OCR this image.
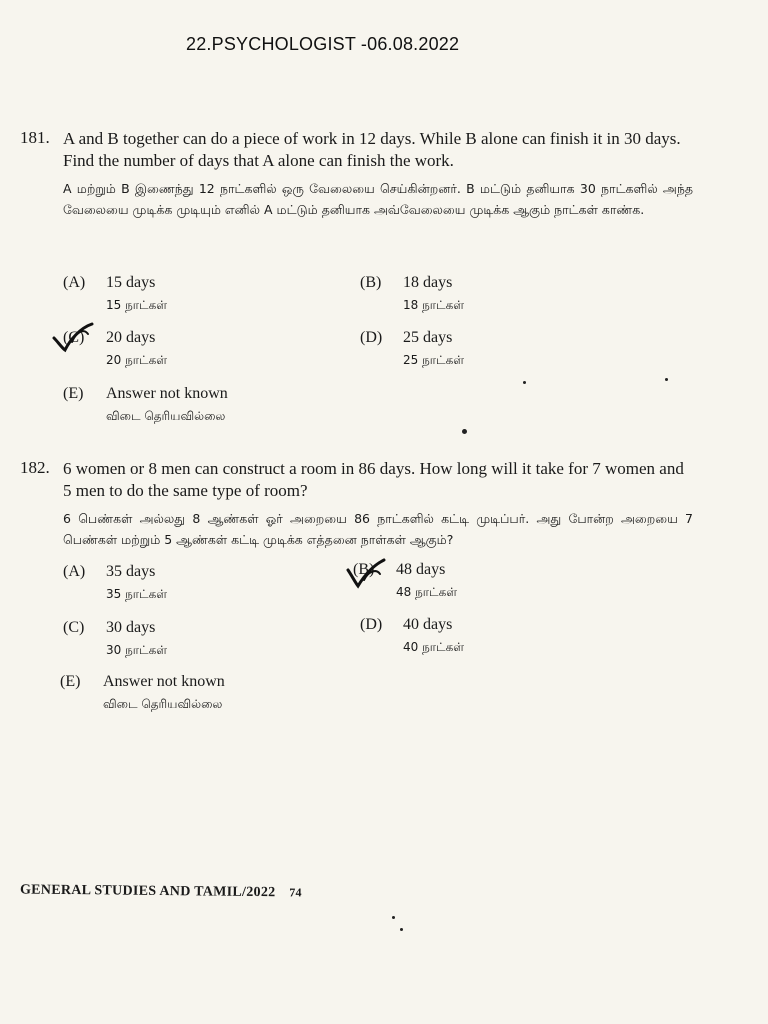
22.PSYCHOLOGIST -06.08.2022
181. A and B together can do a piece of work in 12 days. While B alone can finish it in 30 days. Find the number of days that A alone can finish the work.
A மற்றும் B இணைந்து 12 நாட்களில் ஒரு வேலையை செய்கின்றனர். B மட்டும் தனியாக 30 நாட்களில் அந்த வேலையை முடிக்க முடியும் எனில் A மட்டும் தனியாக அவ்வேலையை முடிக்க ஆகும் நாட்கள் காண்க.
(A) 15 days
15 நாட்கள்
(B) 18 days
18 நாட்கள்
(C) 20 days
20 நாட்கள்
(D) 25 days
25 நாட்கள்
(E) Answer not known
விடை தெரியவில்லை
182. 6 women or 8 men can construct a room in 86 days. How long will it take for 7 women and 5 men to do the same type of room?
6 பெண்கள் அல்லது 8 ஆண்கள் ஓர் அறையை 86 நாட்களில் கட்டி முடிப்பர். அது போன்ற அறையை 7 பெண்கள் மற்றும் 5 ஆண்கள் கட்டி முடிக்க எத்தனை நாள்கள் ஆகும்?
(A) 35 days
35 நாட்கள்
(B) 48 days
48 நாட்கள்
(C) 30 days
30 நாட்கள்
(D) 40 days
40 நாட்கள்
(E) Answer not known
விடை தெரியவில்லை
GENERAL STUDIES AND TAMIL/2022 74
